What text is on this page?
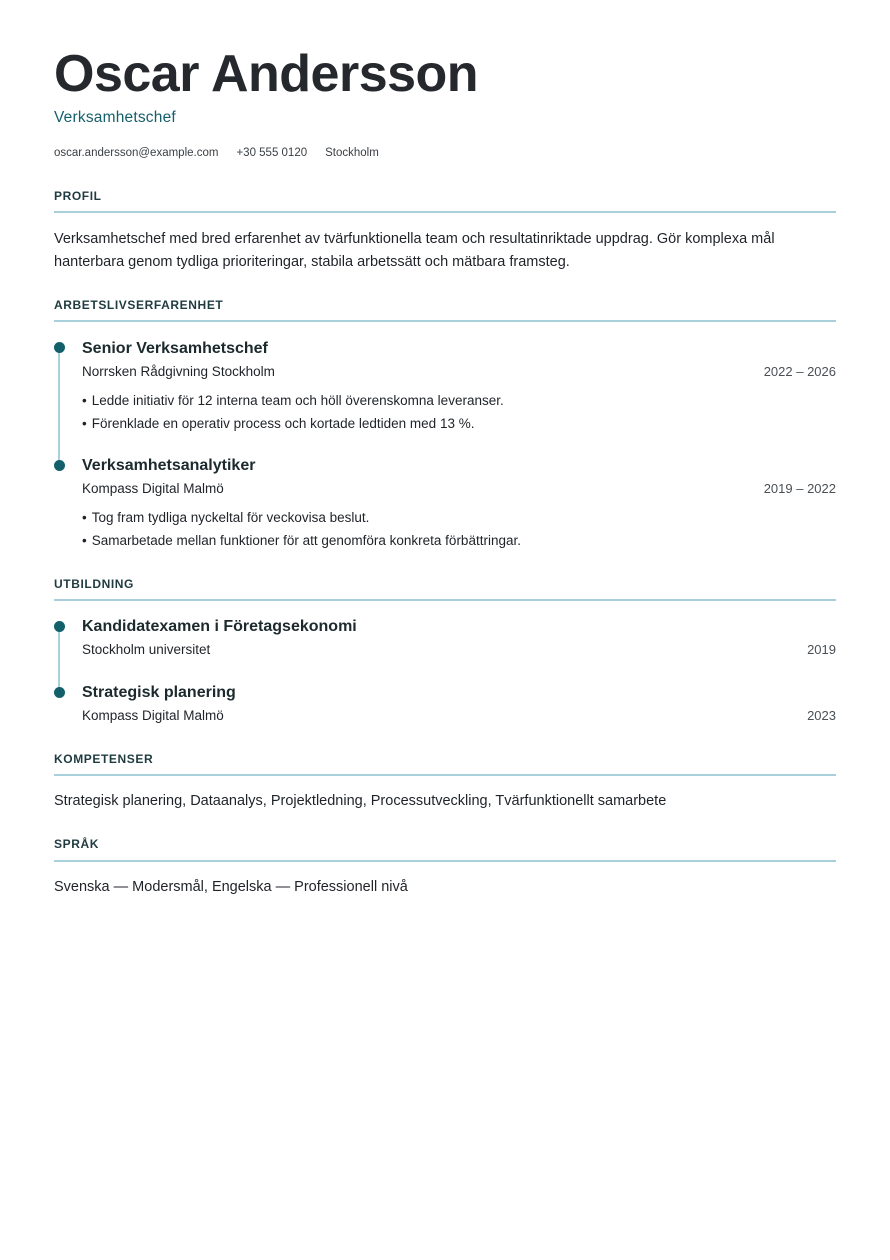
Oscar Andersson
Verksamhetschef
oscar.andersson@example.com +30 555 0120 Stockholm
PROFIL
Verksamhetschef med bred erfarenhet av tvärfunktionella team och resultatinriktade uppdrag. Gör komplexa mål hanterbara genom tydliga prioriteringar, stabila arbetssätt och mätbara framsteg.
ARBETSLIVSERFARENHET
Senior Verksamhetschef
Norrsken Rådgivning Stockholm	2022 – 2026
• Ledde initiativ för 12 interna team och höll överenskomna leveranser.
• Förenklade en operativ process och kortade ledtiden med 13 %.
Verksamhetsanalytiker
Kompass Digital Malmö	2019 – 2022
• Tog fram tydliga nyckeltal för veckovisa beslut.
• Samarbetade mellan funktioner för att genomföra konkreta förbättringar.
UTBILDNING
Kandidatexamen i Företagsekonomi
Stockholm universitet	2019
Strategisk planering
Kompass Digital Malmö	2023
KOMPETENSER
Strategisk planering, Dataanalys, Projektledning, Processutveckling, Tvärfunktionellt samarbete
SPRÅK
Svenska — Modersmål, Engelska — Professionell nivå
